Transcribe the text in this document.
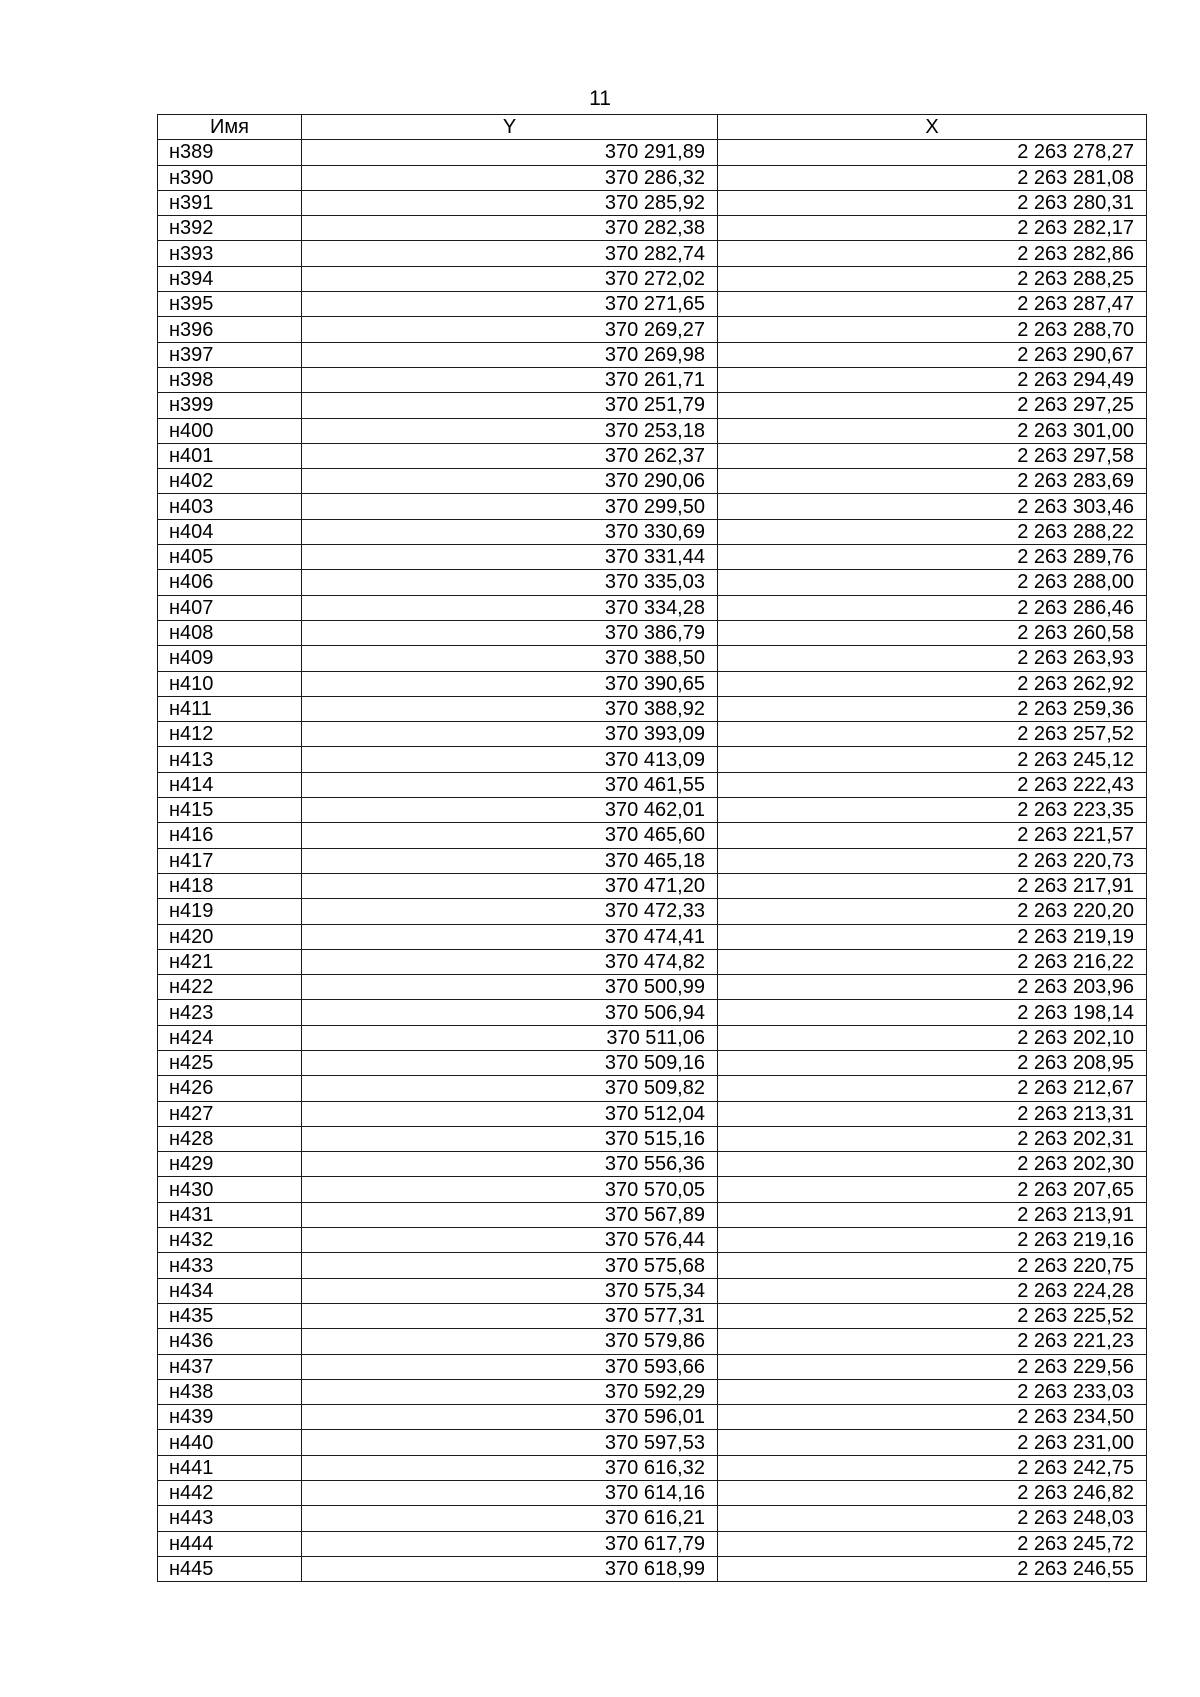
11
Имя	Y	X
н389	370 291,89	2 263 278,27
н390	370 286,32	2 263 281,08
н391	370 285,92	2 263 280,31
н392	370 282,38	2 263 282,17
н393	370 282,74	2 263 282,86
н394	370 272,02	2 263 288,25
н395	370 271,65	2 263 287,47
н396	370 269,27	2 263 288,70
н397	370 269,98	2 263 290,67
н398	370 261,71	2 263 294,49
н399	370 251,79	2 263 297,25
н400	370 253,18	2 263 301,00
н401	370 262,37	2 263 297,58
н402	370 290,06	2 263 283,69
н403	370 299,50	2 263 303,46
н404	370 330,69	2 263 288,22
н405	370 331,44	2 263 289,76
н406	370 335,03	2 263 288,00
н407	370 334,28	2 263 286,46
н408	370 386,79	2 263 260,58
н409	370 388,50	2 263 263,93
н410	370 390,65	2 263 262,92
н411	370 388,92	2 263 259,36
н412	370 393,09	2 263 257,52
н413	370 413,09	2 263 245,12
н414	370 461,55	2 263 222,43
н415	370 462,01	2 263 223,35
н416	370 465,60	2 263 221,57
н417	370 465,18	2 263 220,73
н418	370 471,20	2 263 217,91
н419	370 472,33	2 263 220,20
н420	370 474,41	2 263 219,19
н421	370 474,82	2 263 216,22
н422	370 500,99	2 263 203,96
н423	370 506,94	2 263 198,14
н424	370 511,06	2 263 202,10
н425	370 509,16	2 263 208,95
н426	370 509,82	2 263 212,67
н427	370 512,04	2 263 213,31
н428	370 515,16	2 263 202,31
н429	370 556,36	2 263 202,30
н430	370 570,05	2 263 207,65
н431	370 567,89	2 263 213,91
н432	370 576,44	2 263 219,16
н433	370 575,68	2 263 220,75
н434	370 575,34	2 263 224,28
н435	370 577,31	2 263 225,52
н436	370 579,86	2 263 221,23
н437	370 593,66	2 263 229,56
н438	370 592,29	2 263 233,03
н439	370 596,01	2 263 234,50
н440	370 597,53	2 263 231,00
н441	370 616,32	2 263 242,75
н442	370 614,16	2 263 246,82
н443	370 616,21	2 263 248,03
н444	370 617,79	2 263 245,72
н445	370 618,99	2 263 246,55
